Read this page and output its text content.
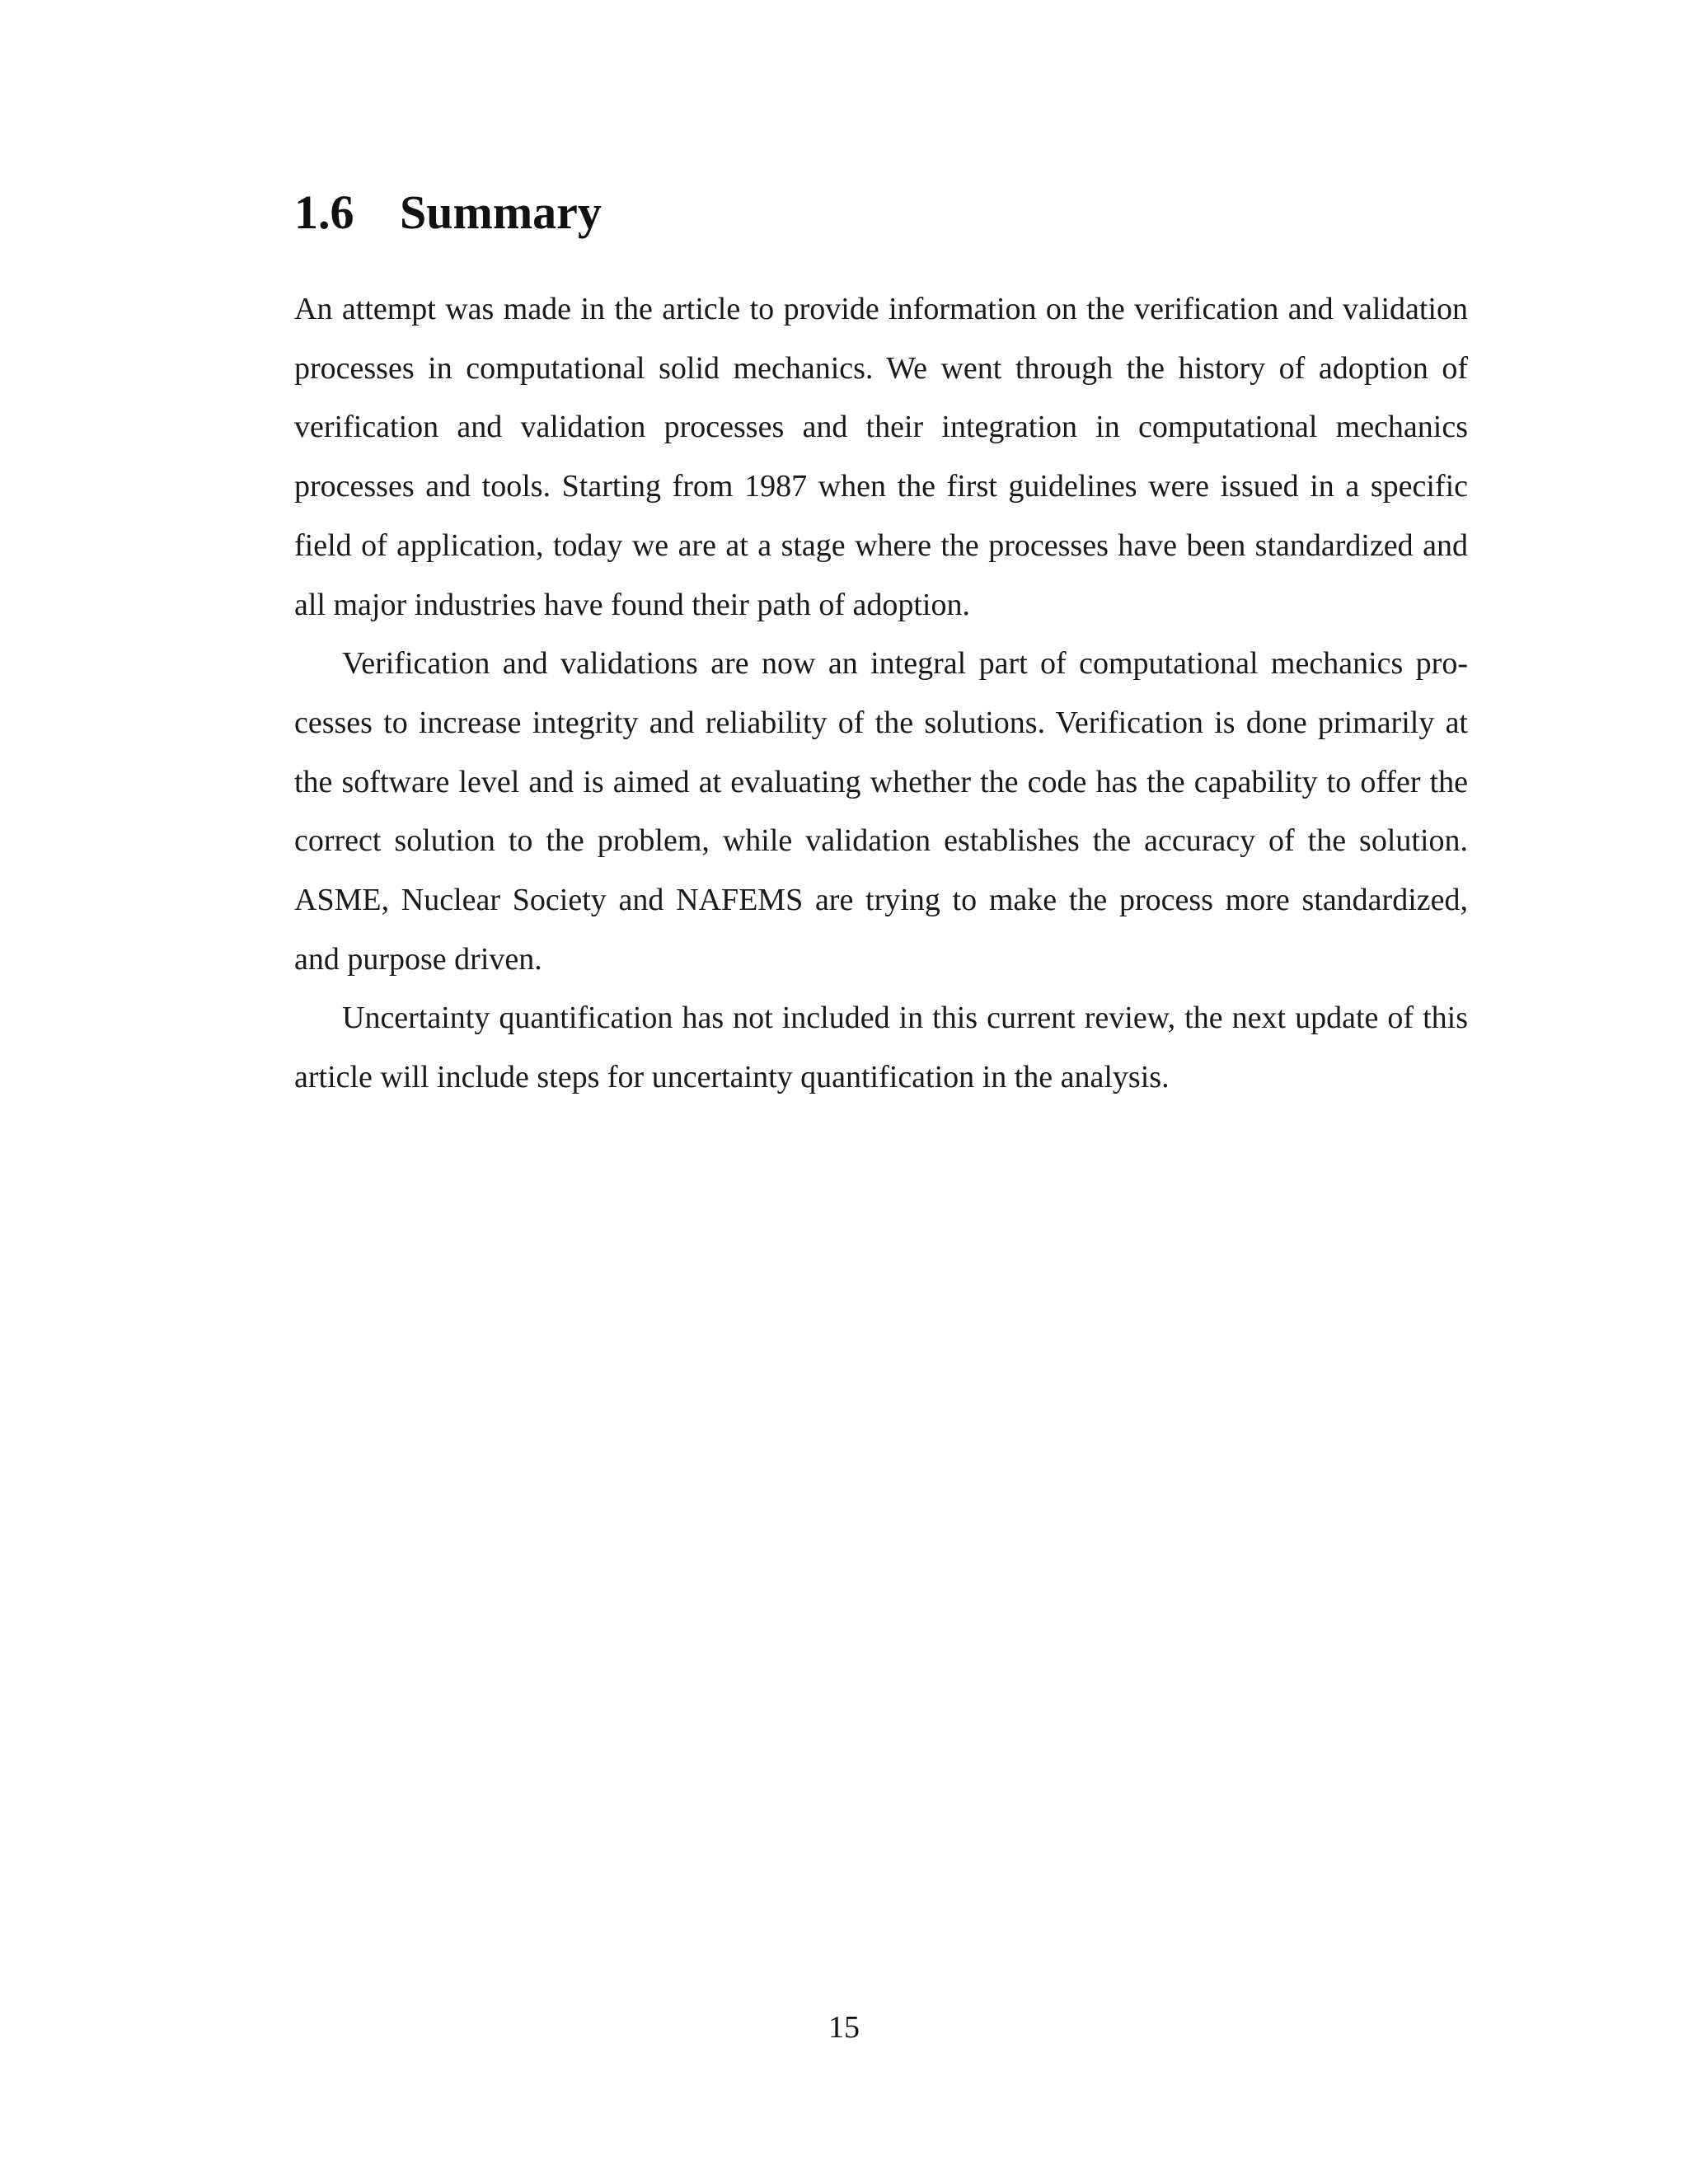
1.6 Summary

An attempt was made in the article to provide information on the verification and validation processes in computational solid mechanics. We went through the history of adoption of verification and validation processes and their integration in computational mechanics processes and tools. Starting from 1987 when the first guidelines were issued in a specific field of application, today we are at a stage where the processes have been standardized and all major industries have found their path of adoption.

Verification and validations are now an integral part of computational mechanics processes to increase integrity and reliability of the solutions. Verification is done primarily at the software level and is aimed at evaluating whether the code has the capability to offer the correct solution to the problem, while validation establishes the accuracy of the solution. ASME, Nuclear Society and NAFEMS are trying to make the process more standardized, and purpose driven.

Uncertainty quantification has not included in this current review, the next update of this article will include steps for uncertainty quantification in the analysis.

15
